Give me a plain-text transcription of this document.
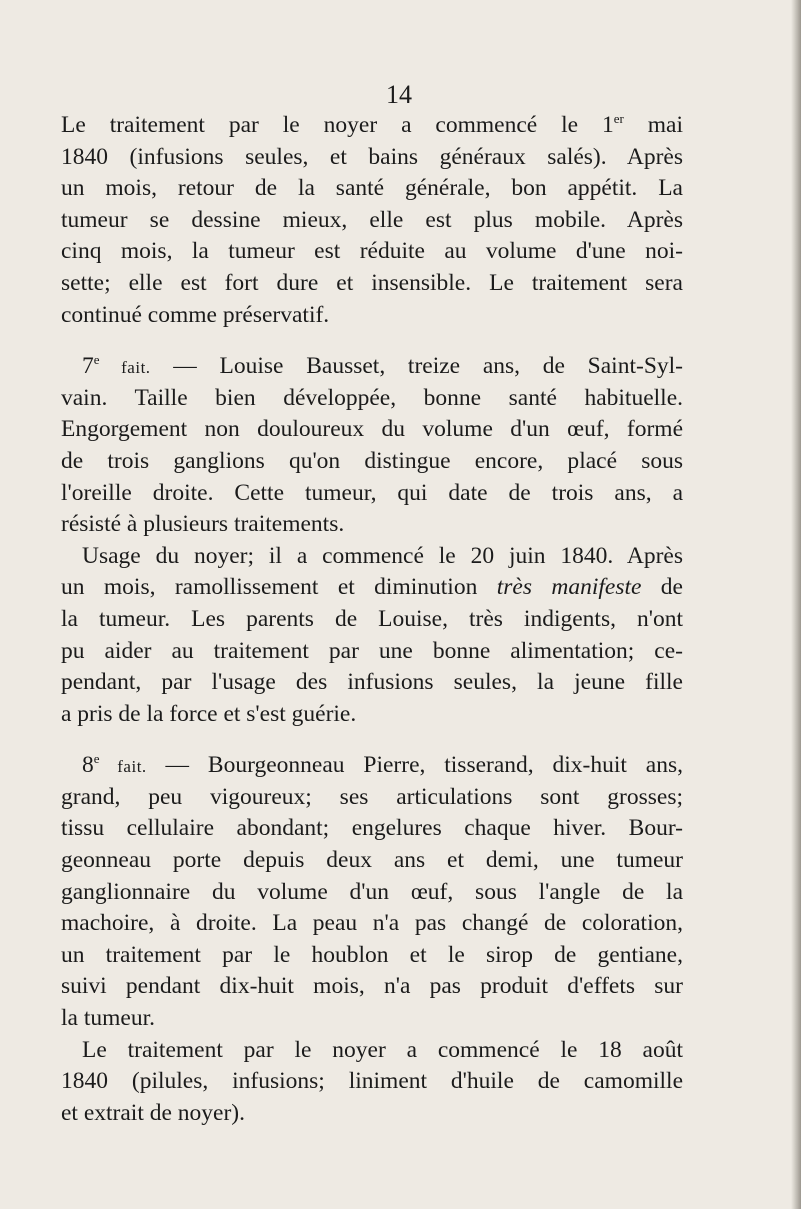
14
Le traitement par le noyer a commencé le 1er mai
1840 (infusions seules, et bains généraux salés). Après
un mois, retour de la santé générale, bon appétit. La
tumeur se dessine mieux, elle est plus mobile. Après
cinq mois, la tumeur est réduite au volume d'une noi-
sette; elle est fort dure et insensible. Le traitement sera
continué comme préservatif.
7e fait. — Louise Bausset, treize ans, de Saint-Syl-
vain. Taille bien développée, bonne santé habituelle.
Engorgement non douloureux du volume d'un œuf, formé
de trois ganglions qu'on distingue encore, placé sous
l'oreille droite. Cette tumeur, qui date de trois ans, a
résisté à plusieurs traitements.
Usage du noyer; il a commencé le 20 juin 1840. Après
un mois, ramollissement et diminution très manifeste de
la tumeur. Les parents de Louise, très indigents, n'ont
pu aider au traitement par une bonne alimentation; ce-
pendant, par l'usage des infusions seules, la jeune fille
a pris de la force et s'est guérie.
8e fait. — Bourgeonneau Pierre, tisserand, dix-huit ans,
grand, peu vigoureux; ses articulations sont grosses;
tissu cellulaire abondant; engelures chaque hiver. Bour-
geonneau porte depuis deux ans et demi, une tumeur
ganglionnaire du volume d'un œuf, sous l'angle de la
machoire, à droite. La peau n'a pas changé de coloration,
un traitement par le houblon et le sirop de gentiane,
suivi pendant dix-huit mois, n'a pas produit d'effets sur
la tumeur.
Le traitement par le noyer a commencé le 18 août
1840 (pilules, infusions; liniment d'huile de camomille
et extrait de noyer).
